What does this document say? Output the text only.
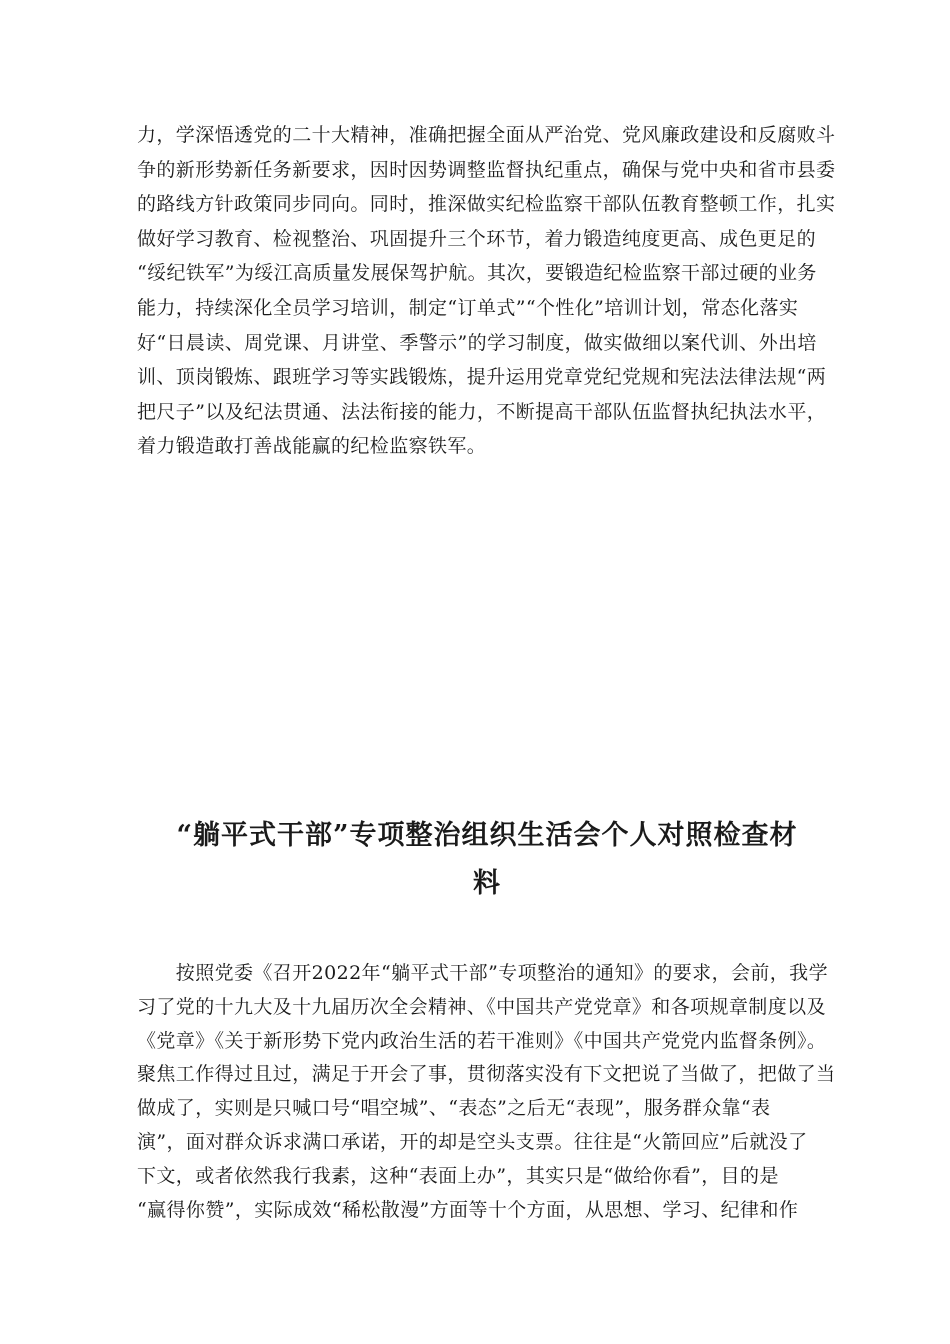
力，学深悟透党的二十大精神，准确把握全面从严治党、党风廉政建设和反腐败斗
争的新形势新任务新要求，因时因势调整监督执纪重点，确保与党中央和省市县委
的路线方针政策同步同向。同时，推深做实纪检监察干部队伍教育整顿工作，扎实
做好学习教育、检视整治、巩固提升三个环节，着力锻造纯度更高、成色更足的
“绥纪铁军”为绥江高质量发展保驾护航。其次，要锻造纪检监察干部过硬的业务
能力，持续深化全员学习培训，制定“订单式”“个性化”培训计划，常态化落实
好“日晨读、周党课、月讲堂、季警示”的学习制度，做实做细以案代训、外出培
训、顶岗锻炼、跟班学习等实践锻炼，提升运用党章党纪党规和宪法法律法规“两
把尺子”以及纪法贯通、法法衔接的能力，不断提高干部队伍监督执纪执法水平，
着力锻造敢打善战能赢的纪检监察铁军。
“躺平式干部”专项整治组织生活会个人对照检查材
料
　　按照党委《召开2022年“躺平式干部”专项整治的通知》的要求，会前，我学
习了党的十九大及十九届历次全会精神、《中国共产党党章》和各项规章制度以及
《党章》《关于新形势下党内政治生活的若干准则》《中国共产党党内监督条例》。
聚焦工作得过且过，满足于开会了事，贯彻落实没有下文把说了当做了，把做了当
做成了，实则是只喊口号“唱空城”、“表态”之后无“表现”，服务群众靠“表
演”，面对群众诉求满口承诺，开的却是空头支票。往往是“火箭回应”后就没了
下文，或者依然我行我素，这种“表面上办”，其实只是“做给你看”，目的是
“赢得你赞”，实际成效“稀松散漫”方面等十个方面，从思想、学习、纪律和作
